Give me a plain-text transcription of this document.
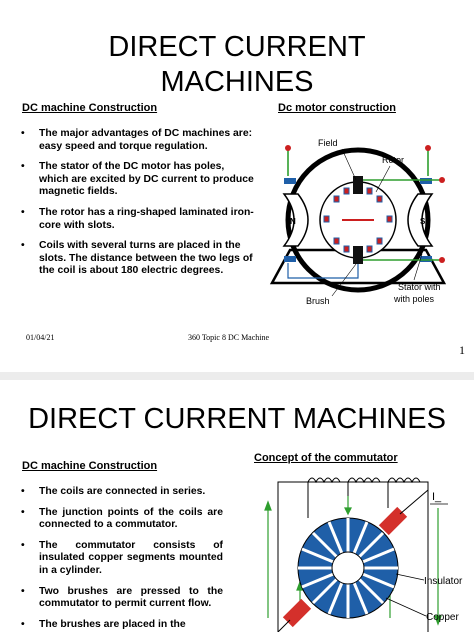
DIRECT CURRENT
MACHINES
DC machine Construction	Dc motor construction
• The major advantages of DC machines are: easy speed and torque regulation.
• The stator of the DC motor has poles, which are excited by DC current to produce magnetic fields.
• The rotor has a ring-shaped laminated iron-core with slots.
• Coils with several turns are placed in the slots. The distance between the two legs of the coil is about 180 electric degrees.
Field
Rotor
N	S
Stator with
with poles
Brush
01/04/21	360 Topic 8 DC Machine
1
DIRECT CURRENT MACHINES
DC machine Construction
Concept of the commutator
• The coils are connected in series.
• The junction points of the coils are connected to a commutator.
• The commutator consists of insulated copper segments mounted in a cylinder.
• Two brushes are pressed to the commutator to permit current flow.
• The brushes are placed in the
I_
Insulator
Copper
